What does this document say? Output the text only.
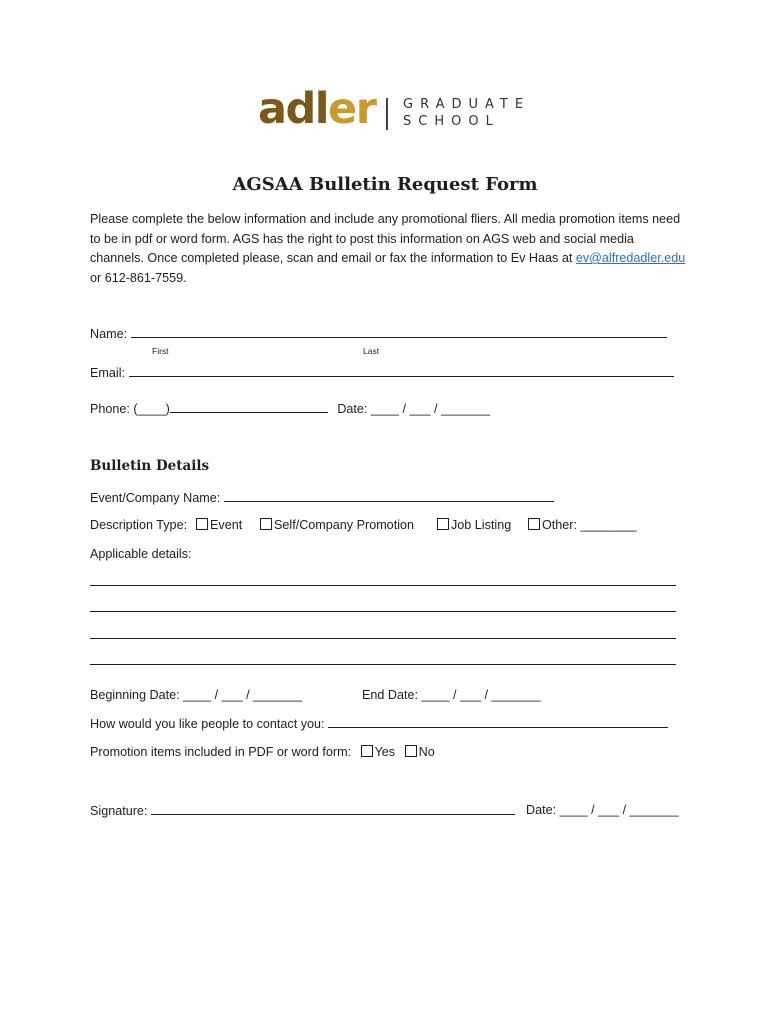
adler GRADUATE
SCHOOL
AGSAA Bulletin Request Form
Please complete the below information and include any promotional fliers. All media promotion items need to be in pdf or word form. AGS has the right to post this information on AGS web and social media channels. Once completed please, scan and email or fax the information to Ev Haas at ev@alfredadler.edu or 612-861-7559.
Name:
First	Last
Email:
Phone: (____)	Date: ____ / ___ / _______
Bulletin Details
Event/Company Name:
Description Type:	Event	Self/Company Promotion	Job Listing	Other: ________
Applicable details:
Beginning Date: ____ / ___ / _______	End Date: ____ / ___ / _______
How would you like people to contact you:
Promotion items included in PDF or word form: Yes No
Signature:	Date: ____ / ___ / _______
